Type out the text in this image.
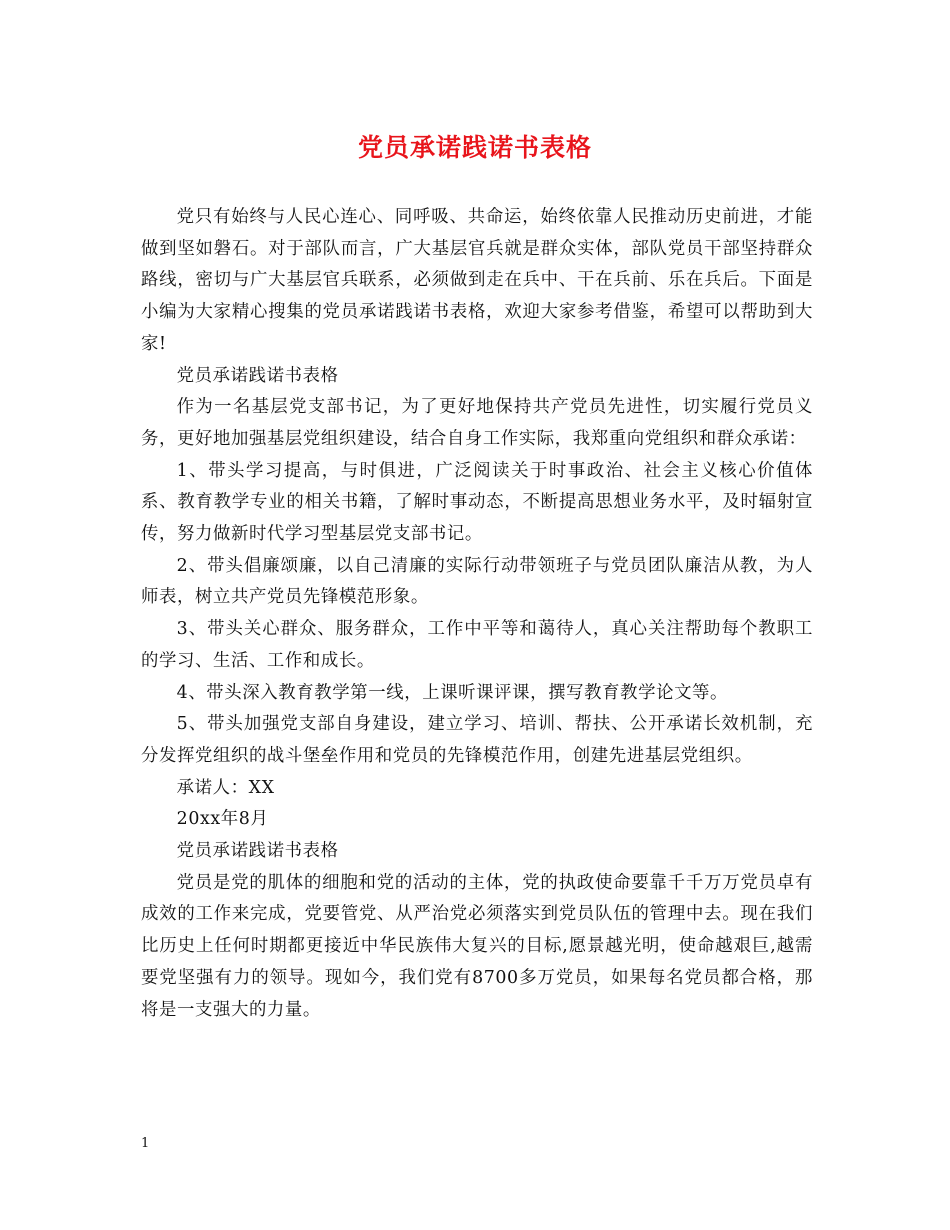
党员承诺践诺书表格

党只有始终与人民心连心、同呼吸、共命运，始终依靠人民推动历史前进，才能做到坚如磐石。对于部队而言，广大基层官兵就是群众实体，部队党员干部坚持群众路线，密切与广大基层官兵联系，必须做到走在兵中、干在兵前、乐在兵后。下面是小编为大家精心搜集的党员承诺践诺书表格，欢迎大家参考借鉴，希望可以帮助到大家!

党员承诺践诺书表格

作为一名基层党支部书记，为了更好地保持共产党员先进性，切实履行党员义务，更好地加强基层党组织建设，结合自身工作实际，我郑重向党组织和群众承诺：

1、带头学习提高，与时俱进，广泛阅读关于时事政治、社会主义核心价值体系、教育教学专业的相关书籍，了解时事动态，不断提高思想业务水平，及时辐射宣传，努力做新时代学习型基层党支部书记。

2、带头倡廉颂廉，以自己清廉的实际行动带领班子与党员团队廉洁从教，为人师表，树立共产党员先锋模范形象。

3、带头关心群众、服务群众，工作中平等和蔼待人，真心关注帮助每个教职工的学习、生活、工作和成长。

4、带头深入教育教学第一线，上课听课评课，撰写教育教学论文等。

5、带头加强党支部自身建设，建立学习、培训、帮扶、公开承诺长效机制，充分发挥党组织的战斗堡垒作用和党员的先锋模范作用，创建先进基层党组织。

承诺人：XX

20xx年8月

党员承诺践诺书表格

党员是党的肌体的细胞和党的活动的主体，党的执政使命要靠千千万万党员卓有成效的工作来完成，党要管党、从严治党必须落实到党员队伍的管理中去。现在我们比历史上任何时期都更接近中华民族伟大复兴的目标,愿景越光明，使命越艰巨,越需要党坚强有力的领导。现如今，我们党有8700多万党员，如果每名党员都合格，那将是一支强大的力量。

1
